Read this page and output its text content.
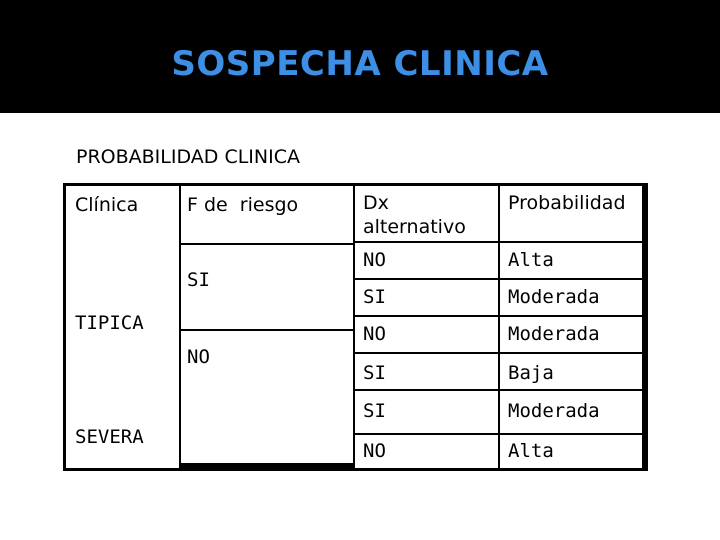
SOSPECHA CLINICA
PROBABILIDAD CLINICA
Clínica
TIPICA
SEVERA
F de  riesgo
SI
NO
Dx alternativo
NO
SI
NO
SI
SI
NO
Probabilidad
Alta
Moderada
Moderada
Baja
Moderada
Alta
